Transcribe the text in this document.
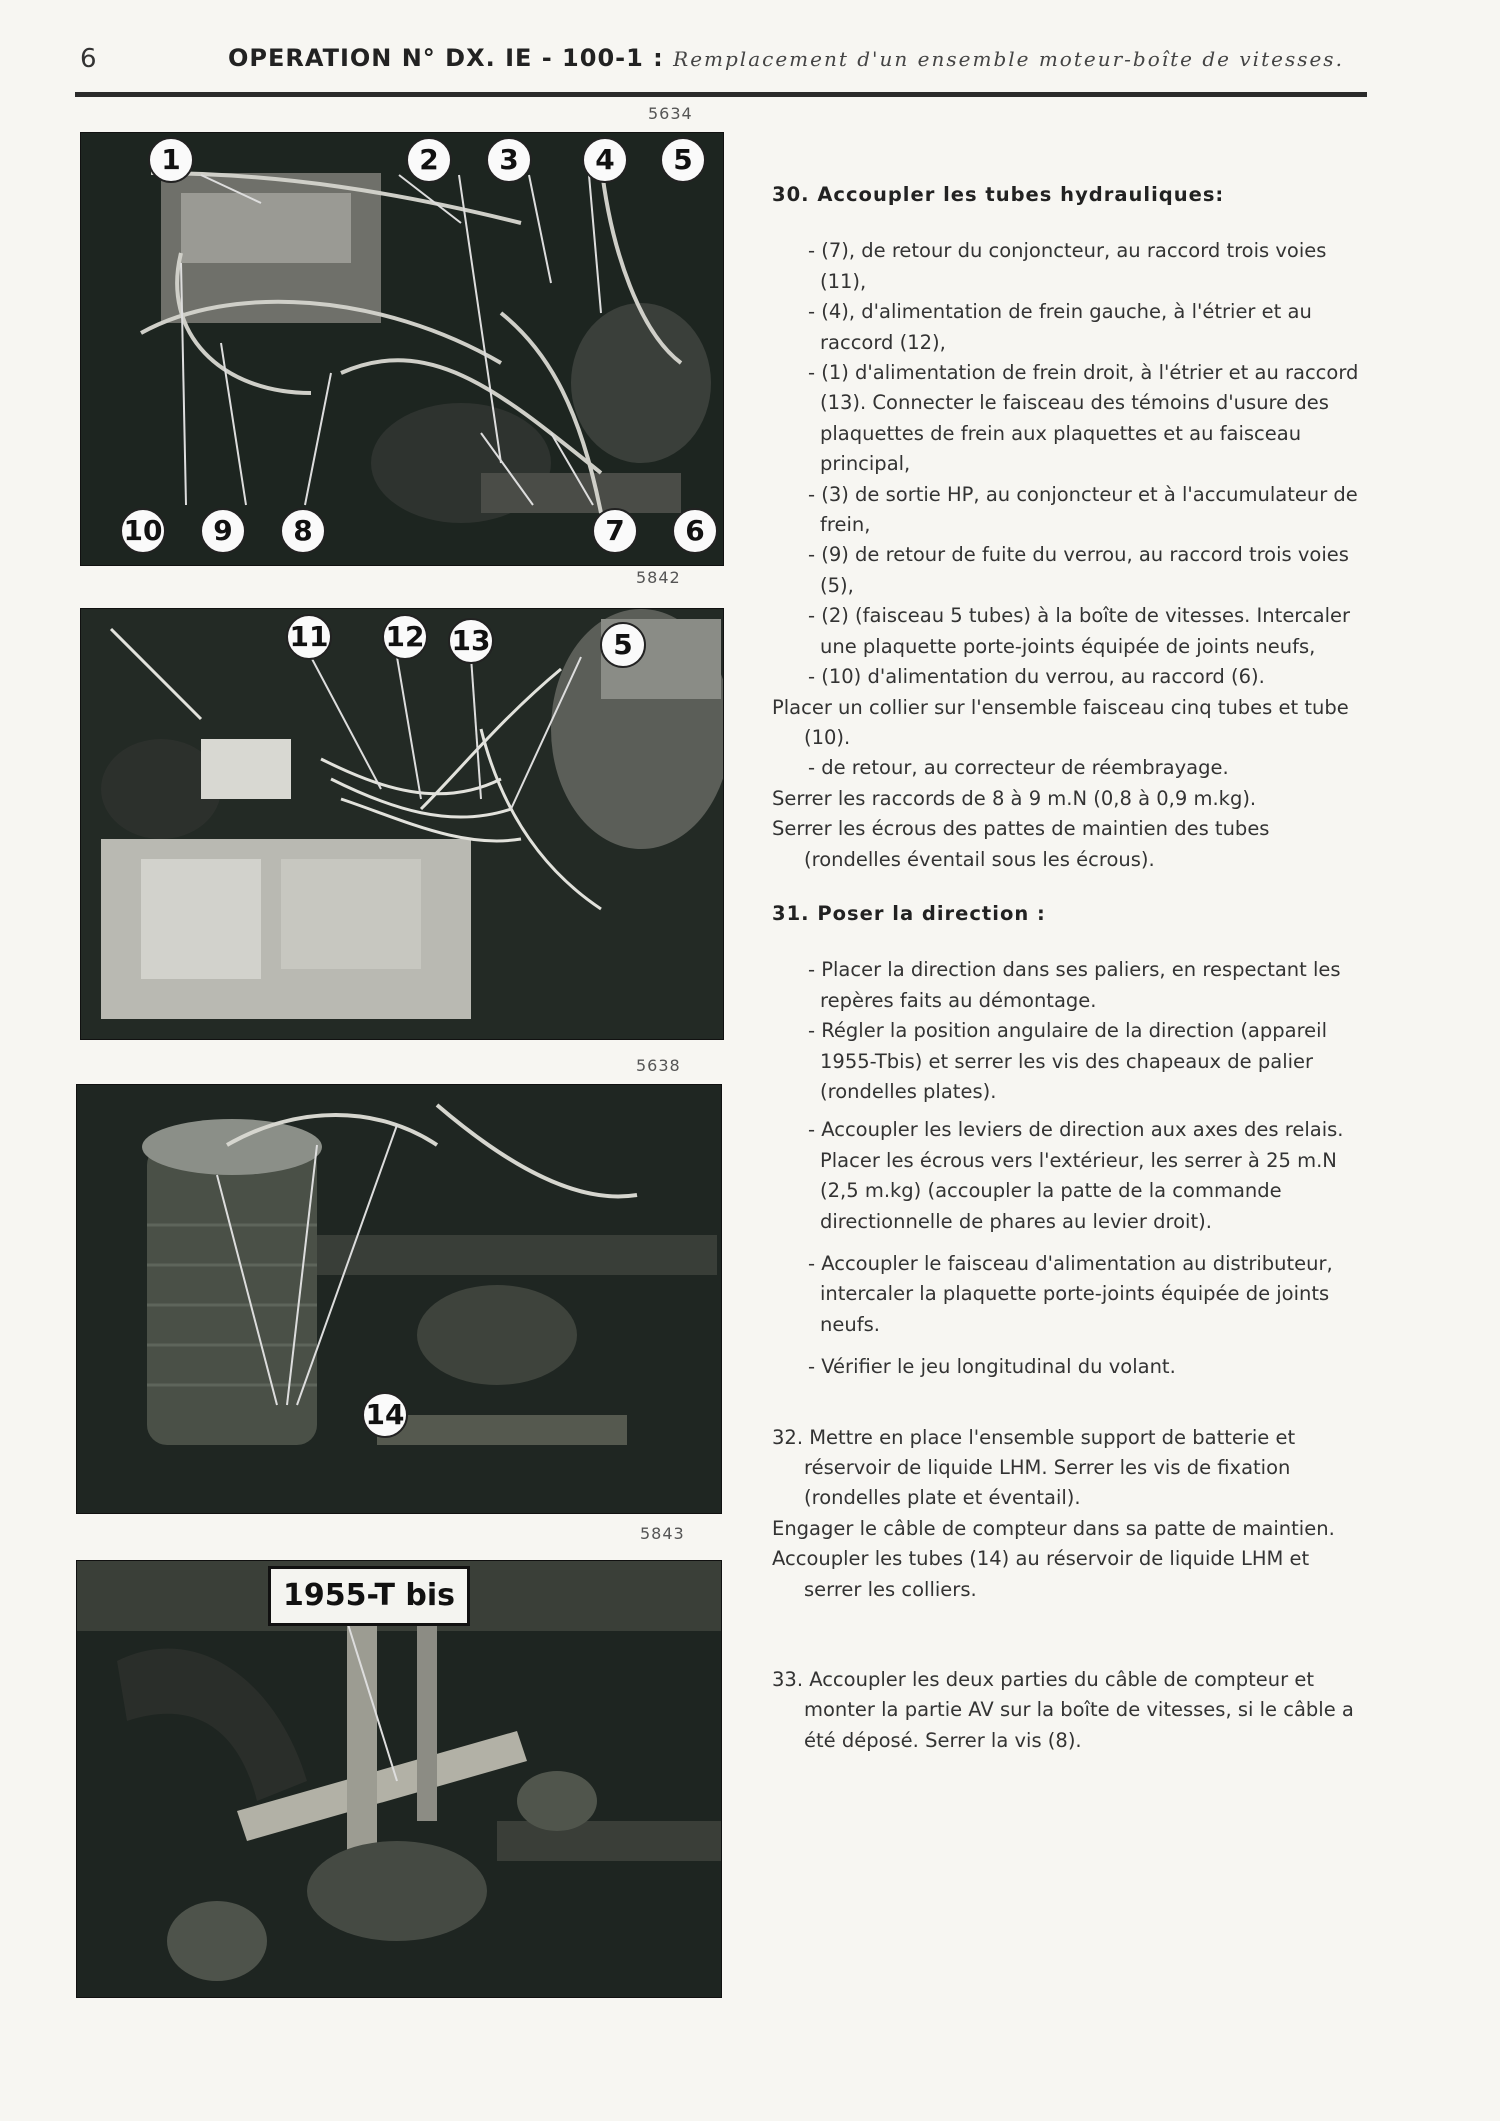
6	OPERATION N° DX. IE - 100-1 : Remplacement d'un ensemble moteur-boîte de vitesses.
5634
1	2	3	4	5
10	9	8	7	6
5842
11 12 13	5
5638
14
5843
1955-T bis

30. Accoupler les tubes hydrauliques:

- (7), de retour du conjoncteur, au raccord trois voies (11),

- (4), d'alimentation de frein gauche, à l'étrier et au raccord (12),

- (1) d'alimentation de frein droit, à l'étrier et au raccord (13). Connecter le faisceau des témoins d'usure des plaquettes de frein aux plaquettes et au faisceau principal,

- (3) de sortie HP, au conjoncteur et à l'accumulateur de frein,

- (9) de retour de fuite du verrou, au raccord trois voies (5),

- (2) (faisceau 5 tubes) à la boîte de vitesses. Intercaler une plaquette porte-joints équipée de joints neufs,

- (10) d'alimentation du verrou, au raccord (6).

Placer un collier sur l'ensemble faisceau cinq tubes et tube (10).

- de retour, au correcteur de réembrayage.

Serrer les raccords de 8 à 9 m.N (0,8 à 0,9 m.kg).

Serrer les écrous des pattes de maintien des tubes (rondelles éventail sous les écrous).

31. Poser la direction :

- Placer la direction dans ses paliers, en respectant les repères faits au démontage.

- Régler la position angulaire de la direction (appareil 1955-Tbis) et serrer les vis des chapeaux de palier (rondelles plates).

- Accoupler les leviers de direction aux axes des relais.

Placer les écrous vers l'extérieur, les serrer à 25 m.N (2,5 m.kg) (accoupler la patte de la commande directionnelle de phares au levier droit).

- Accoupler le faisceau d'alimentation au distributeur, intercaler la plaquette porte-joints équipée de joints neufs.

- Vérifier le jeu longitudinal du volant.

32. Mettre en place l'ensemble support de batterie et réservoir de liquide LHM. Serrer les vis de fixation (rondelles plate et éventail).

Engager le câble de compteur dans sa patte de maintien.

Accoupler les tubes (14) au réservoir de liquide LHM et serrer les colliers.

33. Accoupler les deux parties du câble de compteur et monter la partie AV sur la boîte de vitesses, si le câble a été déposé. Serrer la vis (8).
